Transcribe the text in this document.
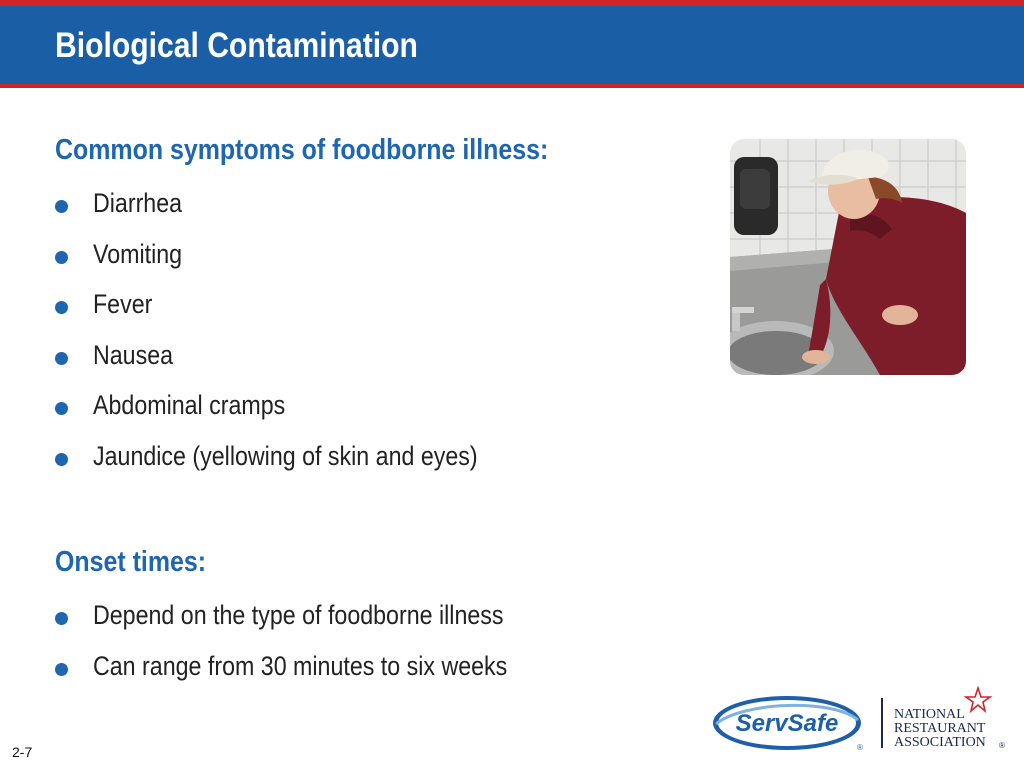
Biological Contamination
Common symptoms of foodborne illness:
Diarrhea
Vomiting
Fever
Nausea
Abdominal cramps
Jaundice (yellowing of skin and eyes)
Onset times:
Depend on the type of foodborne illness
Can range from 30 minutes to six weeks
2-7
ServSafe
®
NATIONAL
RESTAURANT
ASSOCIATION ®
